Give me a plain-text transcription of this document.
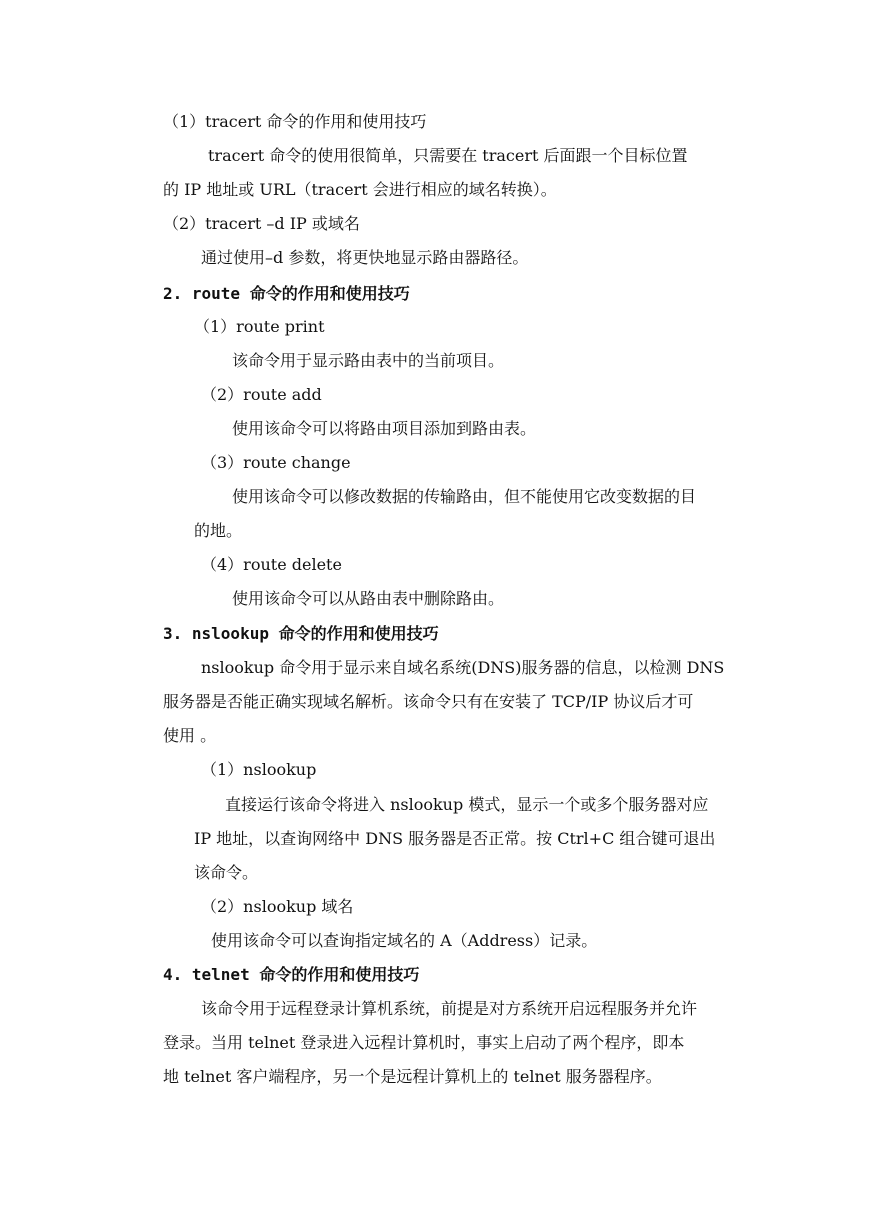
（1）tracert 命令的作用和使用技巧
tracert 命令的使用很简单，只需要在 tracert 后面跟一个目标位置
的 IP 地址或 URL（tracert 会进行相应的域名转换）。
（2）tracert –d IP 或域名
通过使用–d 参数，将更快地显示路由器路径。
2. route 命令的作用和使用技巧
（1）route print
该命令用于显示路由表中的当前项目。
（2）route add
使用该命令可以将路由项目添加到路由表。
（3）route change
使用该命令可以修改数据的传输路由，但不能使用它改变数据的目
的地。
（4）route delete
使用该命令可以从路由表中删除路由。
3. nslookup 命令的作用和使用技巧
nslookup 命令用于显示来自域名系统(DNS)服务器的信息，以检测 DNS
服务器是否能正确实现域名解析。该命令只有在安装了 TCP/IP 协议后才可
使用 。
（1）nslookup
直接运行该命令将进入 nslookup 模式，显示一个或多个服务器对应
IP 地址，以查询网络中 DNS 服务器是否正常。按 Ctrl+C 组合键可退出
该命令。
（2）nslookup 域名
使用该命令可以查询指定域名的 A（Address）记录。
4. telnet 命令的作用和使用技巧
该命令用于远程登录计算机系统，前提是对方系统开启远程服务并允许
登录。当用 telnet 登录进入远程计算机时，事实上启动了两个程序，即本
地 telnet 客户端程序，另一个是远程计算机上的 telnet 服务器程序。
